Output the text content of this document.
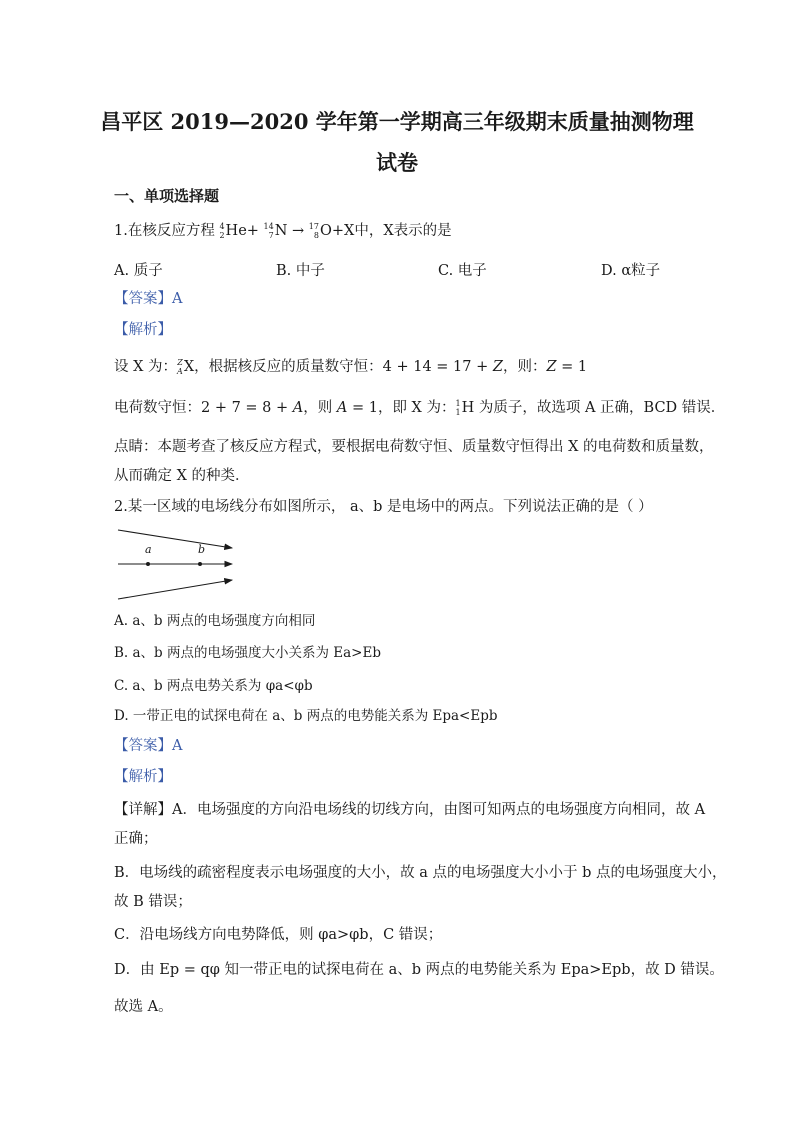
昌平区 2019—2020 学年第一学期高三年级期末质量抽测物理
试卷
一、单项选择题
1.在核反应方程 4
2 He+ 14
7 N → 17
8 O+X中，X表示的是
A. 质子	B. 中子	C. 电子	D. α粒子
【答案】A
【解析】
设 X 为： Z
A X，根据核反应的质量数守恒：4 + 14 = 17 + Z，则：Z = 1
电荷数守恒：2 + 7 = 8 + A，则 A = 1，即 X 为： 1
1 H 为质子，故选项 A 正确，BCD 错误．
点睛：本题考查了核反应方程式，要根据电荷数守恒、质量数守恒得出 X 的电荷数和质量数，
从而确定 X 的种类．
2.某一区域的电场线分布如图所示， a、b 是电场中的两点。下列说法正确的是（ ）
a	b
A. a、b 两点的电场强度方向相同
B. a、b 两点的电场强度大小关系为 Ea>Eb
C. a、b 两点电势关系为 φa<φb
D. 一带正电的试探电荷在 a、b 两点的电势能关系为 Epa<Epb
【答案】A
【解析】
【详解】A．电场强度的方向沿电场线的切线方向，由图可知两点的电场强度方向相同，故 A
正确；
B．电场线的疏密程度表示电场强度的大小，故 a 点的电场强度大小小于 b 点的电场强度大小，
故 B 错误；
C．沿电场线方向电势降低，则 φa>φb，C 错误；
D．由 Ep = qφ 知一带正电的试探电荷在 a、b 两点的电势能关系为 Epa>Epb，故 D 错误。
故选 A。
